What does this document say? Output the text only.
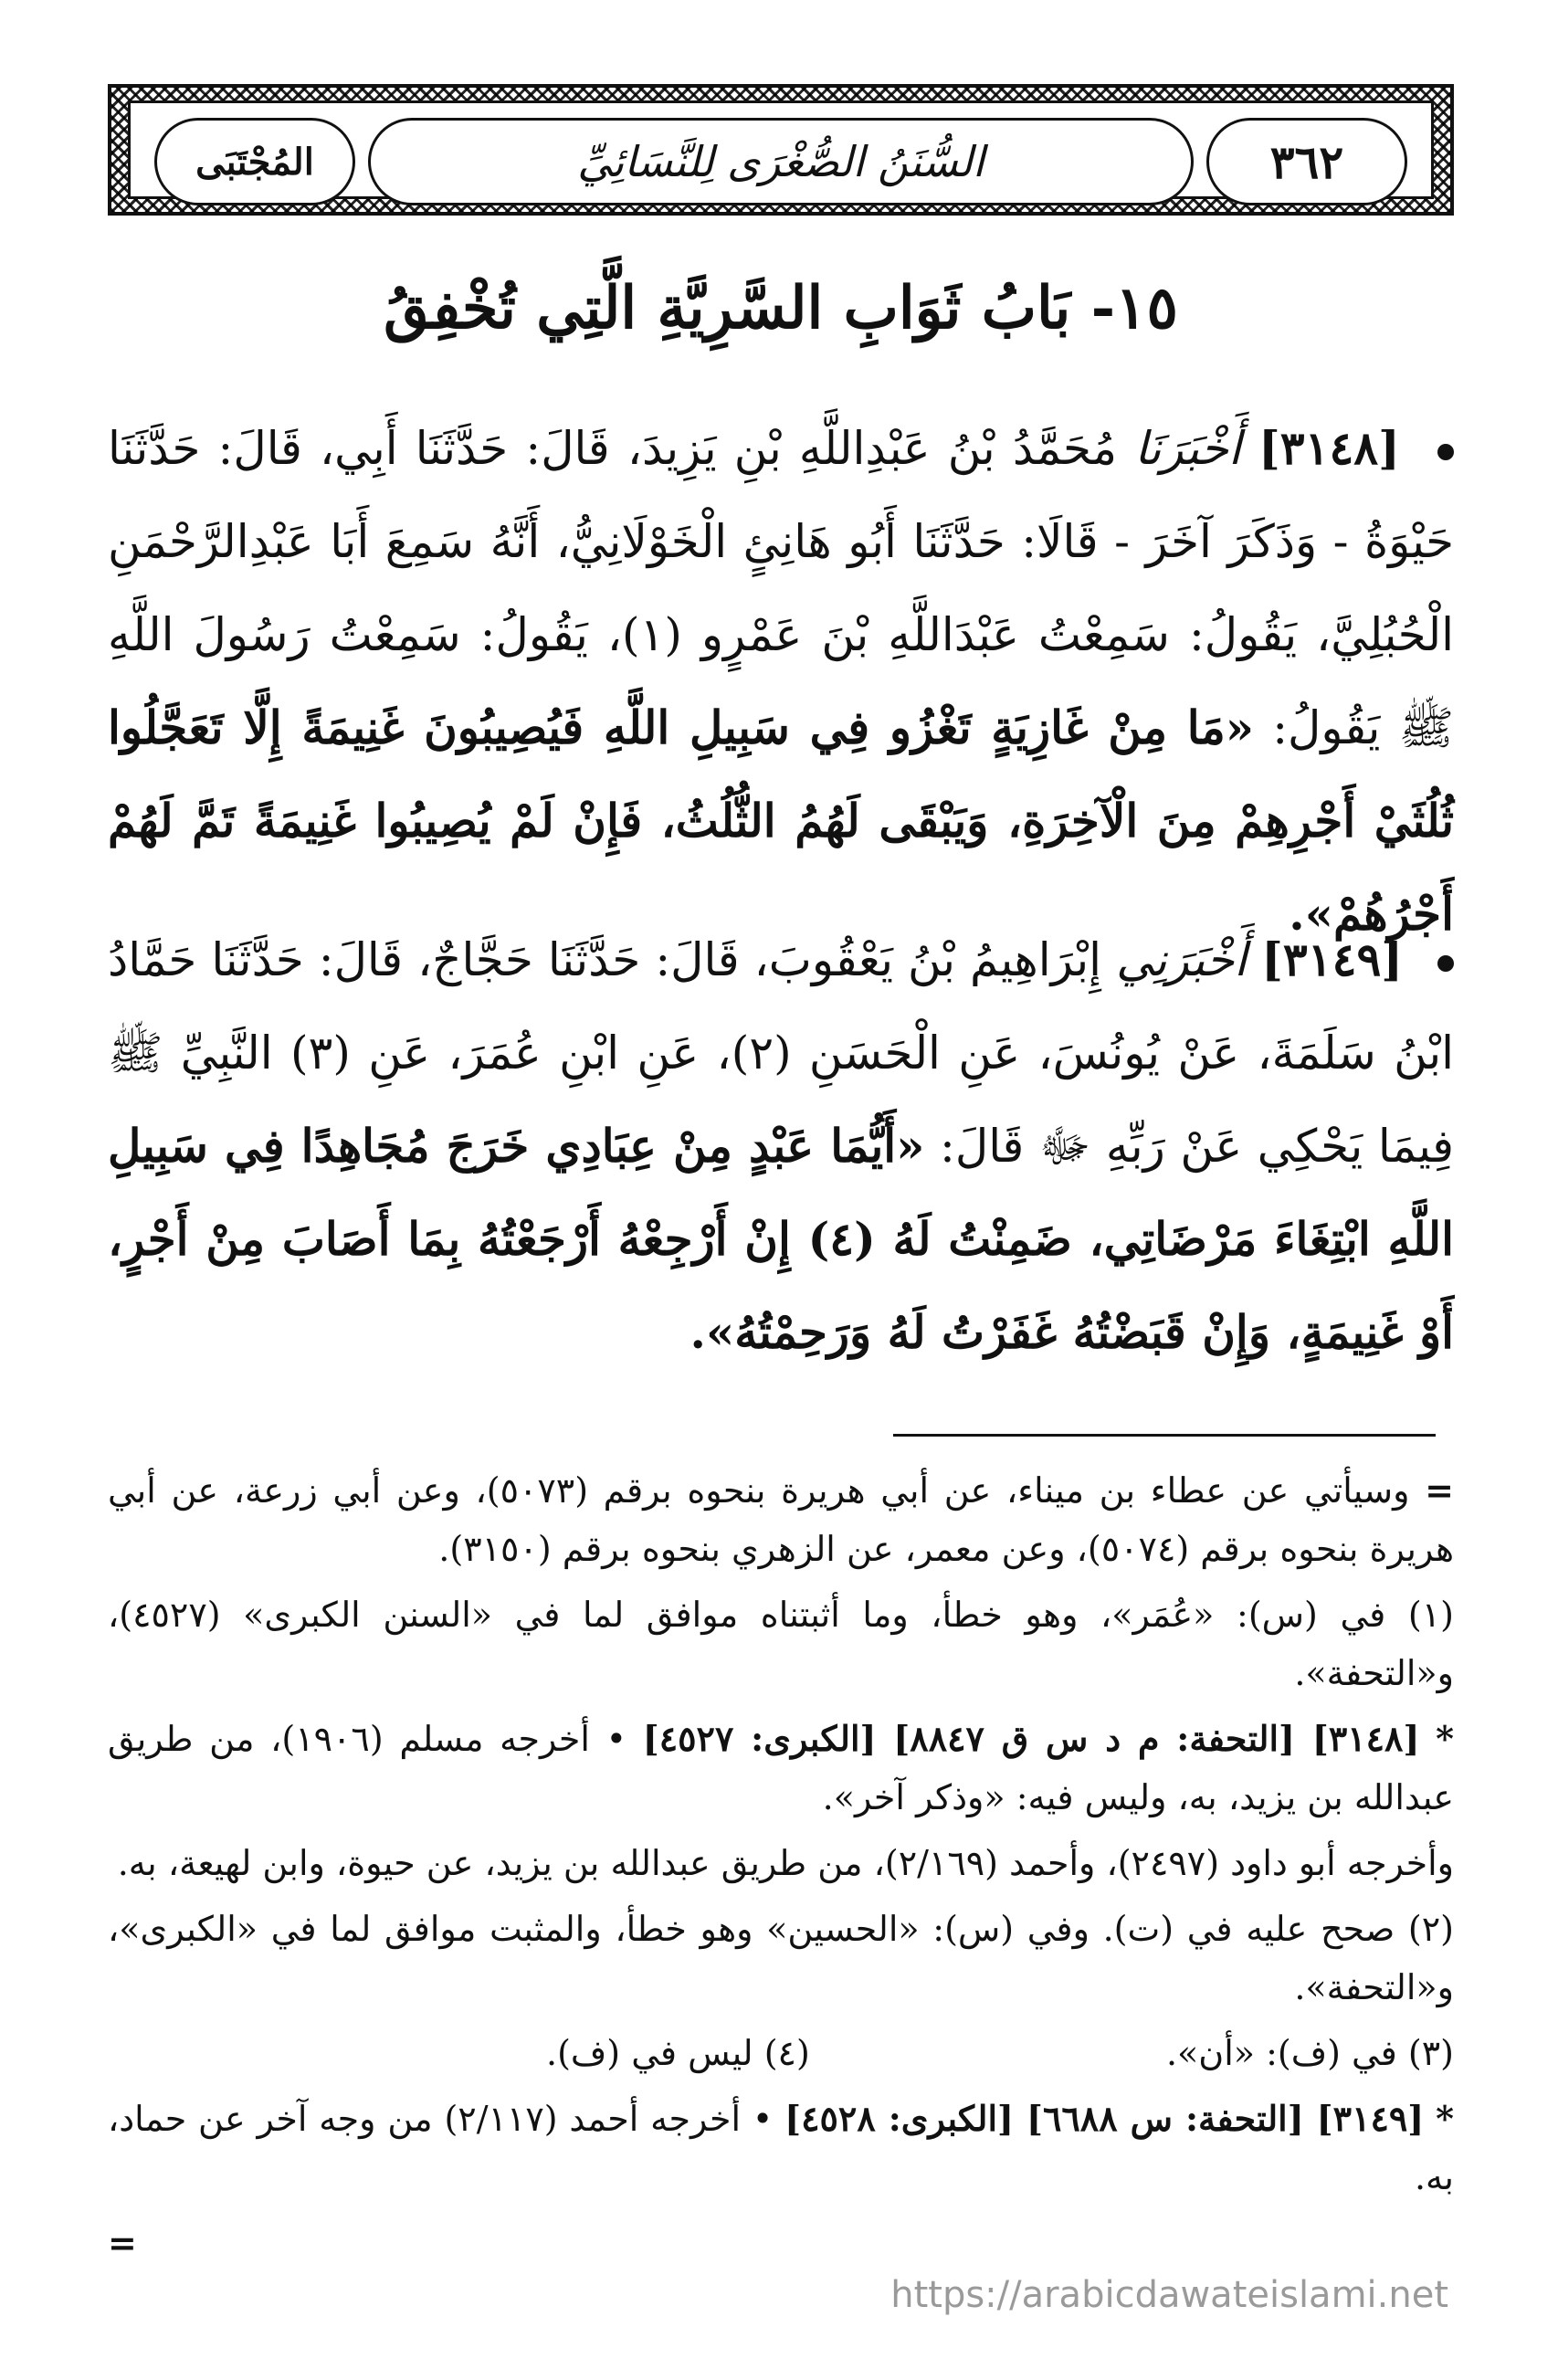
٣٦٢
السُّنَنُ الصُّغْرَى لِلنَّسَائِيِّ
المُجْتَبَى
١٥- بَابُ ثَوَابِ السَّرِيَّةِ الَّتِي تُخْفِقُ
[٣١٤٨] أَخْبَرَنَا مُحَمَّدُ بْنُ عَبْدِاللَّهِ بْنِ يَزِيدَ، قَالَ: حَدَّثَنَا أَبِي، قَالَ: حَدَّثَنَا حَيْوَةُ - وَذَكَرَ آخَرَ - قَالَا: حَدَّثَنَا أَبُو هَانِئٍ الْخَوْلَانِيُّ، أَنَّهُ سَمِعَ أَبَا عَبْدِالرَّحْمَنِ الْحُبُلِيَّ، يَقُولُ: سَمِعْتُ عَبْدَاللَّهِ بْنَ عَمْرٍو (١)، يَقُولُ: سَمِعْتُ رَسُولَ اللَّهِ ﷺ يَقُولُ: «مَا مِنْ غَازِيَةٍ تَغْزُو فِي سَبِيلِ اللَّهِ فَيُصِيبُونَ غَنِيمَةً إِلَّا تَعَجَّلُوا ثُلُثَيْ أَجْرِهِمْ مِنَ الْآخِرَةِ، وَيَبْقَى لَهُمُ الثُّلُثُ، فَإِنْ لَمْ يُصِيبُوا غَنِيمَةً تَمَّ لَهُمْ أَجْرُهُمْ».
[٣١٤٩] أَخْبَرَنِي إِبْرَاهِيمُ بْنُ يَعْقُوبَ، قَالَ: حَدَّثَنَا حَجَّاجٌ، قَالَ: حَدَّثَنَا حَمَّادُ ابْنُ سَلَمَةَ، عَنْ يُونُسَ، عَنِ الْحَسَنِ (٢)، عَنِ ابْنِ عُمَرَ، عَنِ (٣) النَّبِيِّ ﷺ فِيمَا يَحْكِي عَنْ رَبِّهِ ﷻ قَالَ: «أَيُّمَا عَبْدٍ مِنْ عِبَادِي خَرَجَ مُجَاهِدًا فِي سَبِيلِ اللَّهِ ابْتِغَاءَ مَرْضَاتِي، ضَمِنْتُ لَهُ (٤) إِنْ أَرْجِعْهُ أَرْجَعْتُهُ بِمَا أَصَابَ مِنْ أَجْرٍ، أَوْ غَنِيمَةٍ، وَإِنْ قَبَضْتُهُ غَفَرْتُ لَهُ وَرَحِمْتُهُ».

= وسيأتي عن عطاء بن ميناء، عن أبي هريرة بنحوه برقم (٥٠٧٣)، وعن أبي زرعة، عن أبي هريرة بنحوه برقم (٥٠٧٤)، وعن معمر، عن الزهري بنحوه برقم (٣١٥٠).

(١) في (س): «عُمَر»، وهو خطأ، وما أثبتناه موافق لما في «السنن الكبرى» (٤٥٢٧)، و«التحفة».

* [٣١٤٨] [التحفة: م د س ق ٨٨٤٧] [الكبرى: ٤٥٢٧] • أخرجه مسلم (١٩٠٦)، من طريق عبدالله بن يزيد، به، وليس فيه: «وذكر آخر».

وأخرجه أبو داود (٢٤٩٧)، وأحمد (٢/١٦٩)، من طريق عبدالله بن يزيد، عن حيوة، وابن لهيعة، به.

(٢) صحح عليه في (ت). وفي (س): «الحسين» وهو خطأ، والمثبت موافق لما في «الكبرى»، و«التحفة».

(٣) في (ف): «أن».
(٤) ليس في (ف).

* [٣١٤٩] [التحفة: س ٦٦٨٨] [الكبرى: ٤٥٢٨] • أخرجه أحمد (٢/١١٧) من وجه آخر عن حماد، به.

=

https://arabicdawateislami.net
